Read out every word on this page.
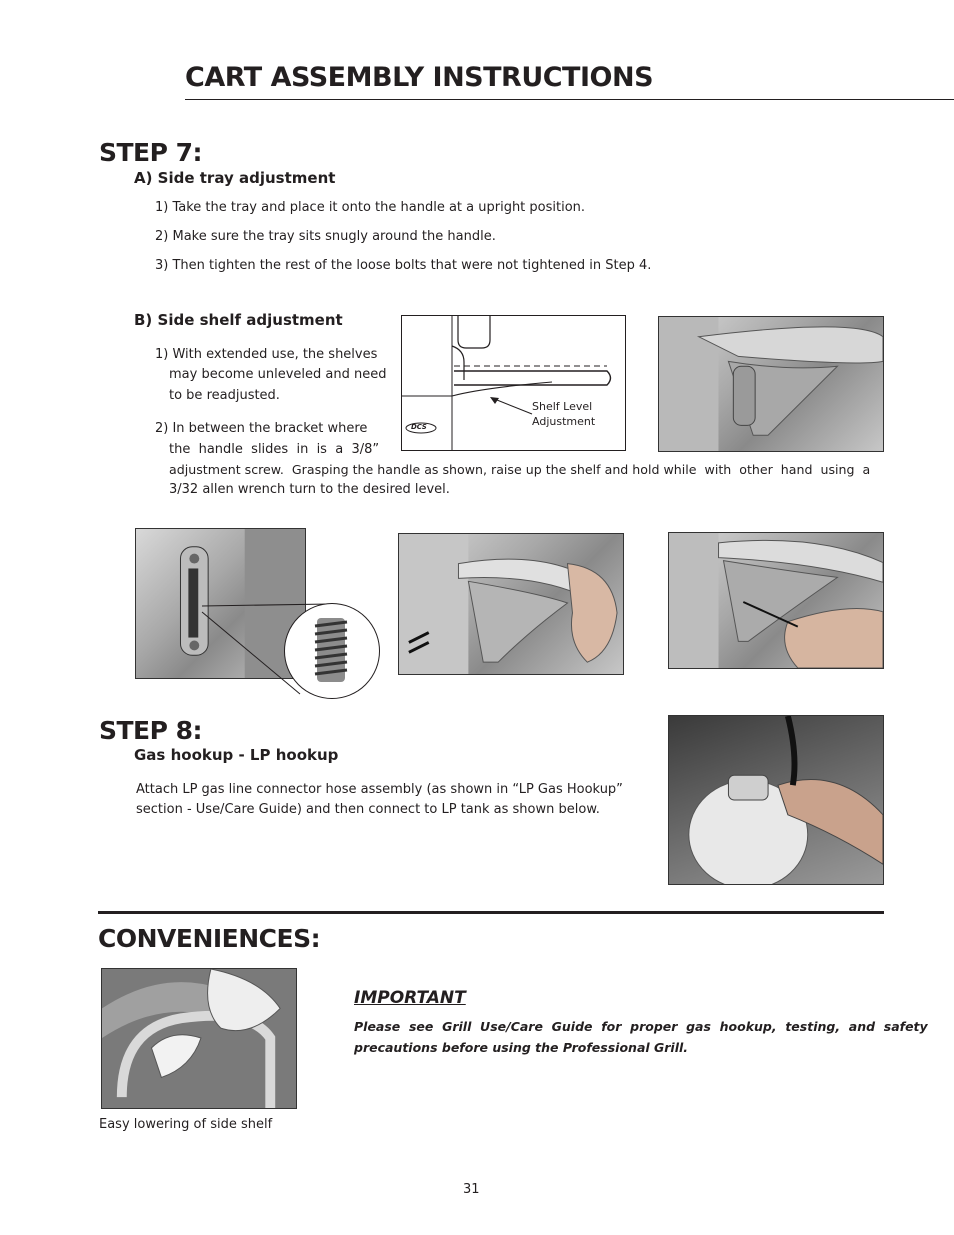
CART ASSEMBLY INSTRUCTIONS
STEP 7:
A) Side tray adjustment
1) Take the tray and place it onto the handle at a upright position.
2) Make sure the tray sits snugly around the handle.
3) Then tighten the rest of the loose bolts that were not tightened in Step 4.
B) Side shelf adjustment
1) With extended use, the shelves
may become unleveled and need
to be readjusted.
2) In between the bracket where
the  handle  slides  in  is  a  3/8”
adjustment screw.  Grasping the handle as shown, raise up the shelf and hold while  with  other  hand  using  a
3/32 allen wrench turn to the desired level.
DCS
Shelf Level
Adjustment
STEP 8:
Gas hookup - LP hookup
Attach LP gas line connector hose assembly (as shown in “LP Gas Hookup”
section - Use/Care Guide) and then connect to LP tank as shown below.
CONVENIENCES:
Easy lowering of side shelf
IMPORTANT
Please  see  Grill  Use/Care  Guide  for  proper  gas  hookup,  testing,  and  safety
precautions before using the Professional Grill.
31
